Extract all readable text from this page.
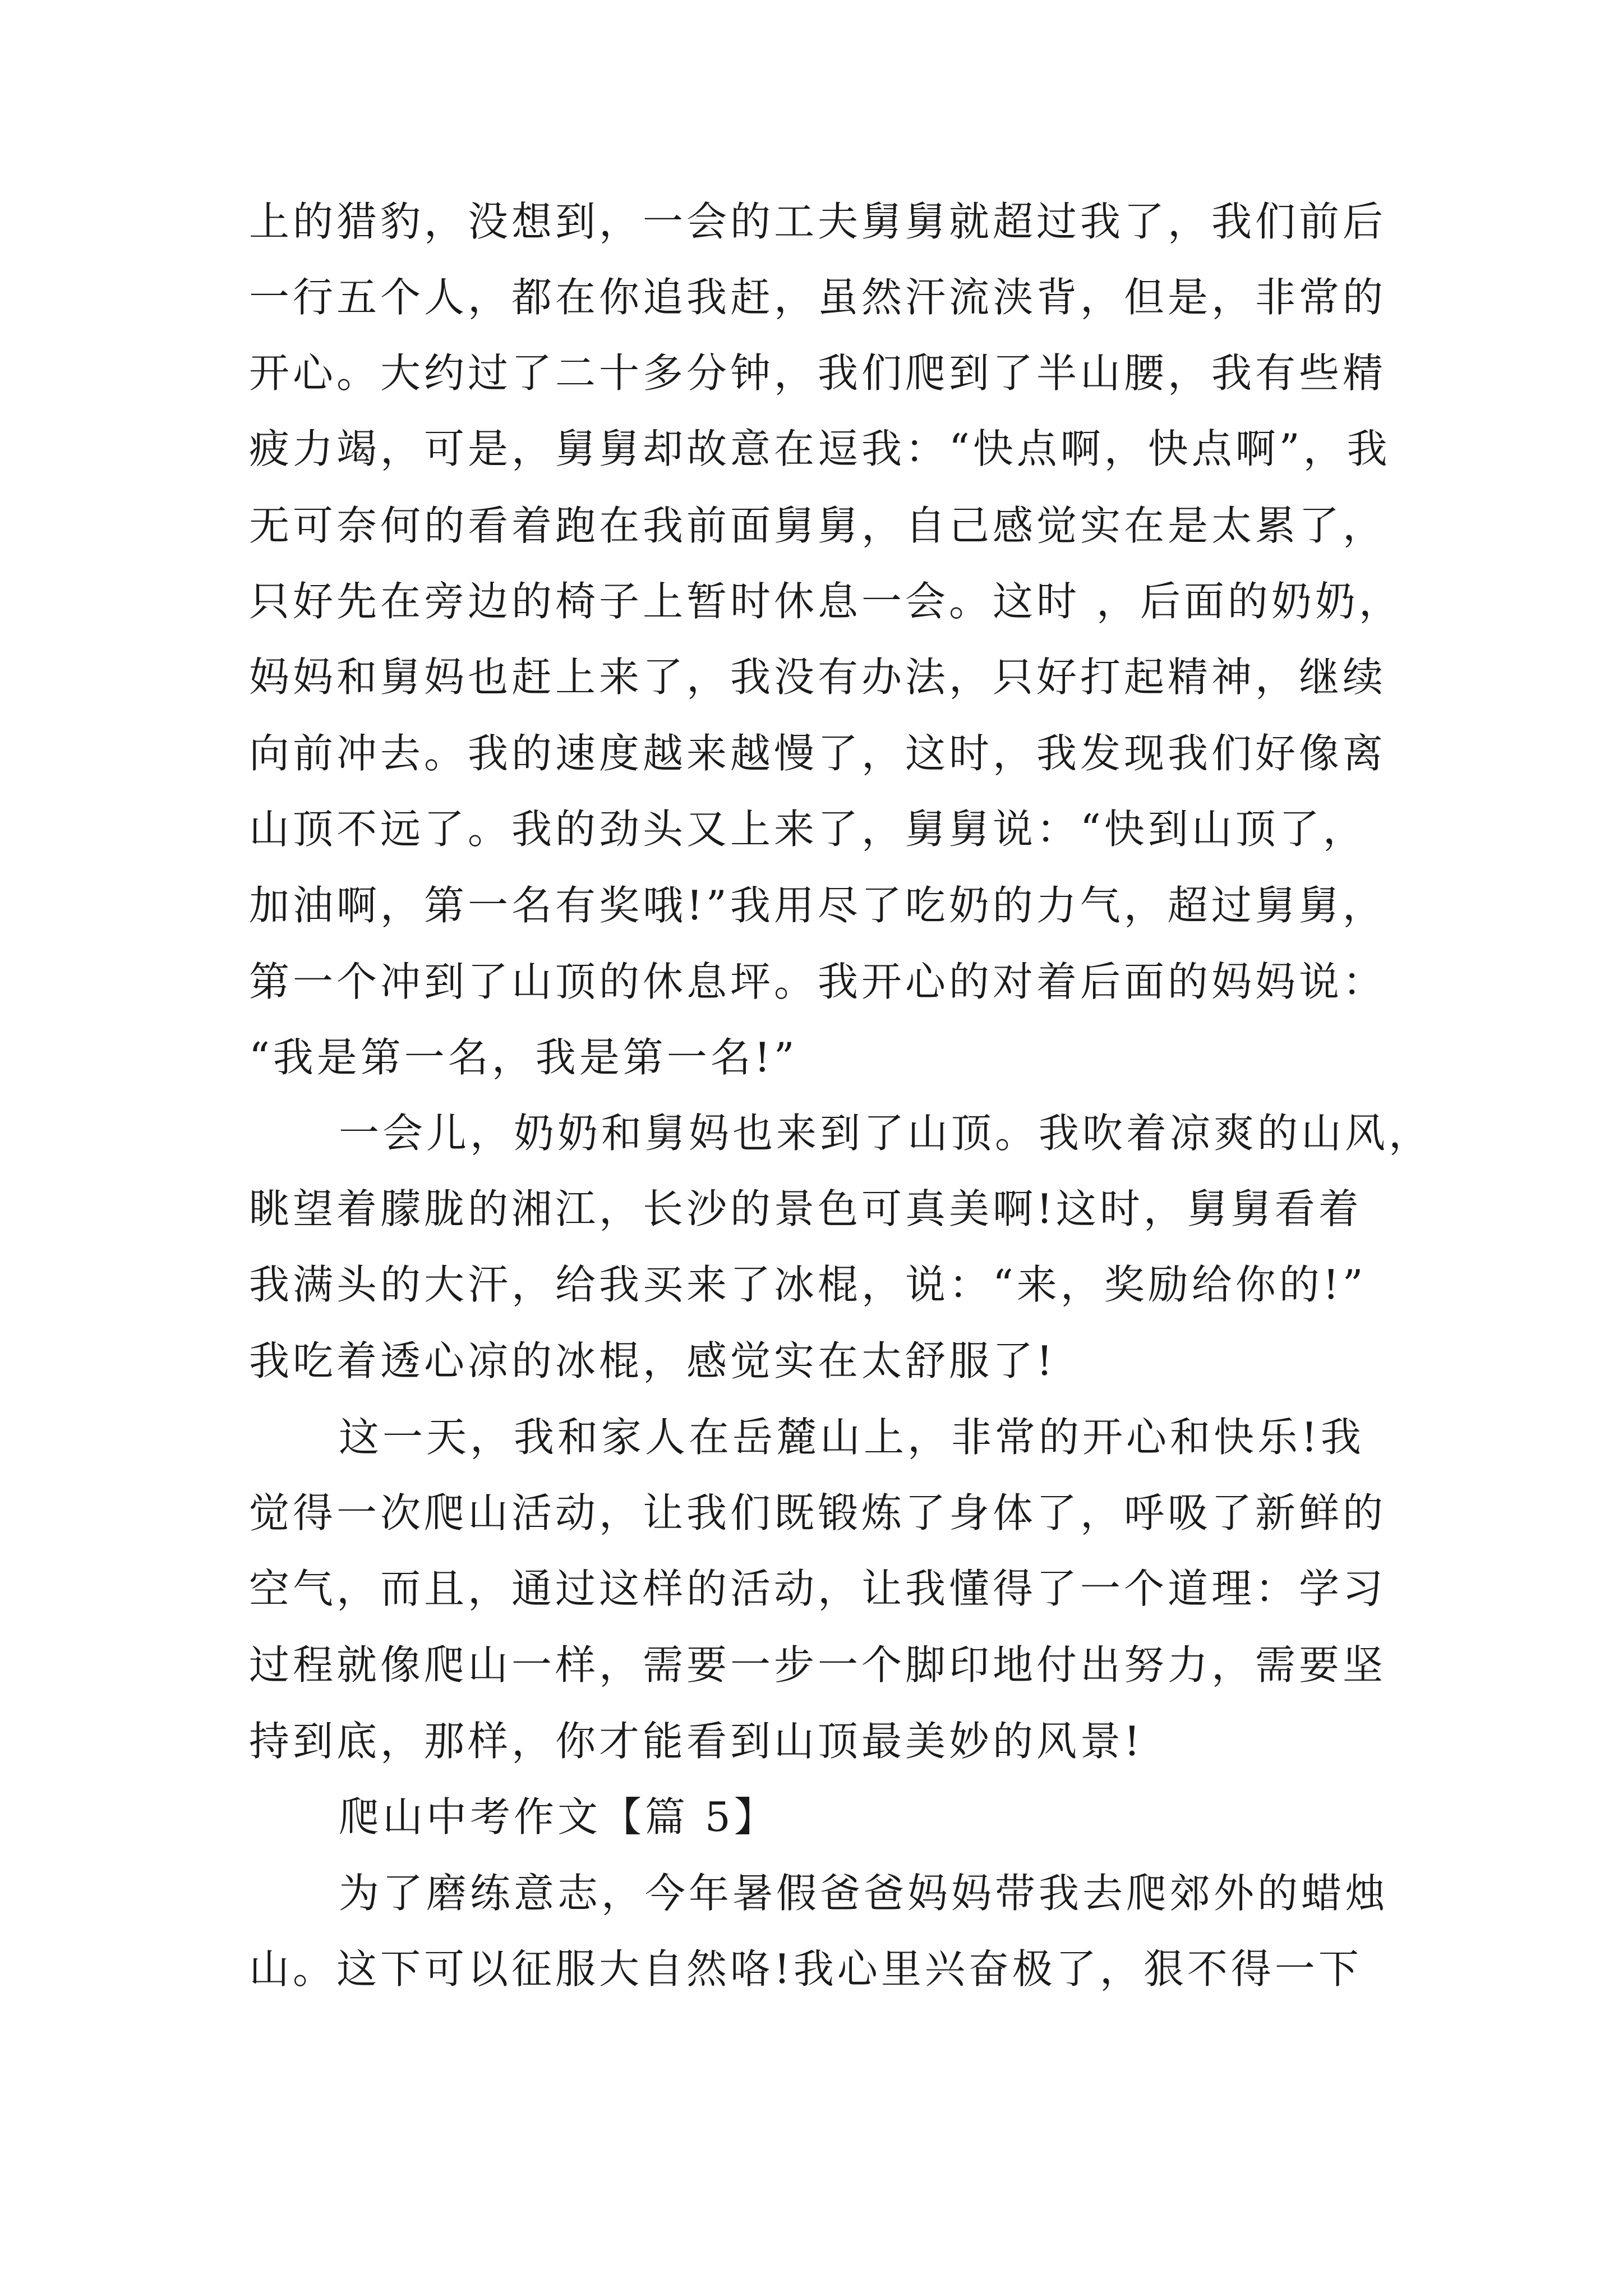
上的猎豹，没想到，一会的工夫舅舅就超过我了，我们前后
一行五个人，都在你追我赶，虽然汗流浃背，但是，非常的
开心。大约过了二十多分钟，我们爬到了半山腰，我有些精
疲力竭，可是，舅舅却故意在逗我：“快点啊，快点啊”，我
无可奈何的看着跑在我前面舅舅，自己感觉实在是太累了，
只好先在旁边的椅子上暂时休息一会。这时 ，后面的奶奶，
妈妈和舅妈也赶上来了，我没有办法，只好打起精神，继续
向前冲去。我的速度越来越慢了，这时，我发现我们好像离
山顶不远了。我的劲头又上来了，舅舅说：“快到山顶了，
加油啊，第一名有奖哦!”我用尽了吃奶的力气，超过舅舅，
第一个冲到了山顶的休息坪。我开心的对着后面的妈妈说：
“我是第一名，我是第一名!”
一会儿，奶奶和舅妈也来到了山顶。我吹着凉爽的山风，
眺望着朦胧的湘江，长沙的景色可真美啊!这时，舅舅看着
我满头的大汗，给我买来了冰棍，说：“来，奖励给你的!”
我吃着透心凉的冰棍，感觉实在太舒服了!
这一天，我和家人在岳麓山上，非常的开心和快乐!我
觉得一次爬山活动，让我们既锻炼了身体了，呼吸了新鲜的
空气，而且，通过这样的活动，让我懂得了一个道理：学习
过程就像爬山一样，需要一步一个脚印地付出努力，需要坚
持到底，那样，你才能看到山顶最美妙的风景!
爬山中考作文【篇 5】
为了磨练意志，今年暑假爸爸妈妈带我去爬郊外的蜡烛
山。这下可以征服大自然咯!我心里兴奋极了，狠不得一下
